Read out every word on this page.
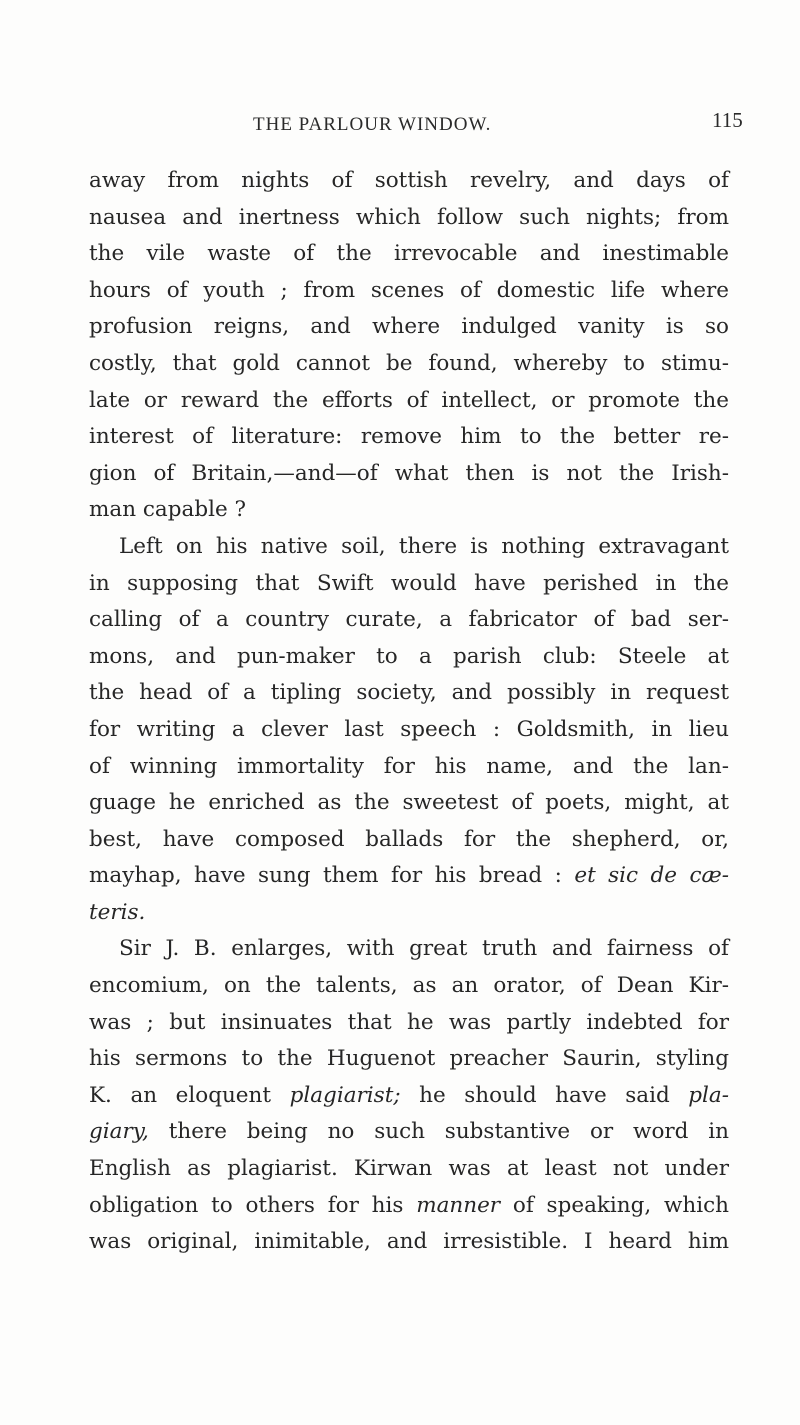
THE PARLOUR WINDOW.	115
away from nights of sottish revelry, and days of
nausea and inertness which follow such nights; from
the vile waste of the irrevocable and inestimable
hours of youth ; from scenes of domestic life where
profusion reigns, and where indulged vanity is so
costly, that gold cannot be found, whereby to stimu-
late or reward the efforts of intellect, or promote the
interest of literature: remove him to the better re-
gion of Britain,—and—of what then is not the Irish-
man capable ?
Left on his native soil, there is nothing extravagant
in supposing that Swift would have perished in the
calling of a country curate, a fabricator of bad ser-
mons, and pun-maker to a parish club: Steele at
the head of a tipling society, and possibly in request
for writing a clever last speech : Goldsmith, in lieu
of winning immortality for his name, and the lan-
guage he enriched as the sweetest of poets, might, at
best, have composed ballads for the shepherd, or,
mayhap, have sung them for his bread : et sic de cæ-
teris.
Sir J. B. enlarges, with great truth and fairness of
encomium, on the talents, as an orator, of Dean Kir-
was ; but insinuates that he was partly indebted for
his sermons to the Huguenot preacher Saurin, styling
K. an eloquent plagiarist; he should have said pla-
giary, there being no such substantive or word in
English as plagiarist. Kirwan was at least not under
obligation to others for his manner of speaking, which
was original, inimitable, and irresistible. I heard him
